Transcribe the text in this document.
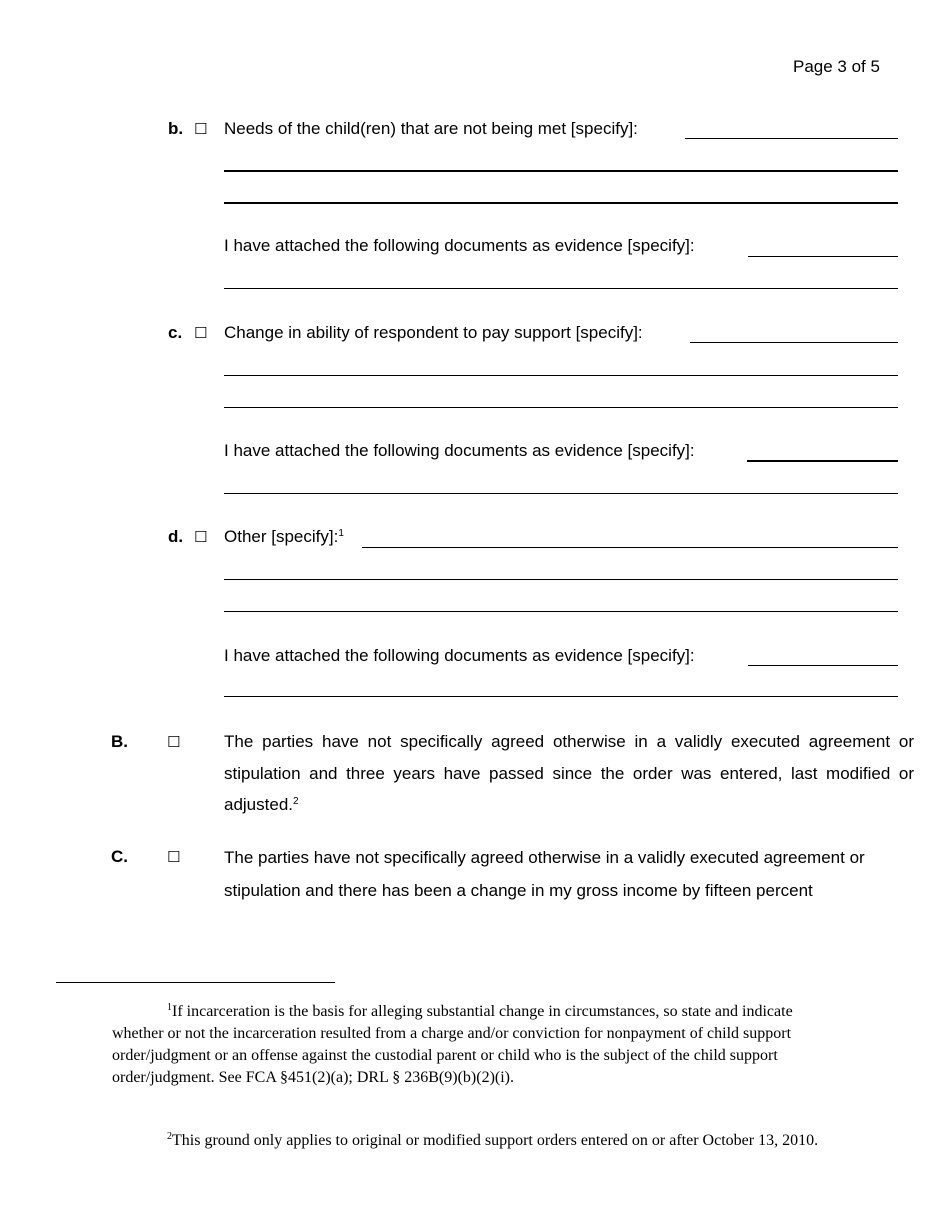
Page 3 of 5
b. ☐ Needs of the child(ren) that are not being met [specify]:
I have attached the following documents as evidence [specify]:
c. ☐ Change in ability of respondent to pay support [specify]:
I have attached the following documents as evidence [specify]:
d. ☐ Other [specify]:$^1$
I have attached the following documents as evidence [specify]:
B.	☐	The parties have not specifically agreed otherwise in a validly executed agreement or stipulation and three years have passed since the order was entered, last modified or adjusted.$^2$
C.	☐	The parties have not specifically agreed otherwise in a validly executed agreement or stipulation and there has been a change in my gross income by fifteen percent
$^1$If incarceration is the basis for alleging substantial change in circumstances, so state and indicate whether or not the incarceration resulted from a charge and/or conviction for nonpayment of child support order/judgment or an offense against the custodial parent or child who is the subject of the child support order/judgment. See FCA §451(2)(a); DRL § 236B(9)(b)(2)(i).
$^2$This ground only applies to original or modified support orders entered on or after October 13, 2010.
